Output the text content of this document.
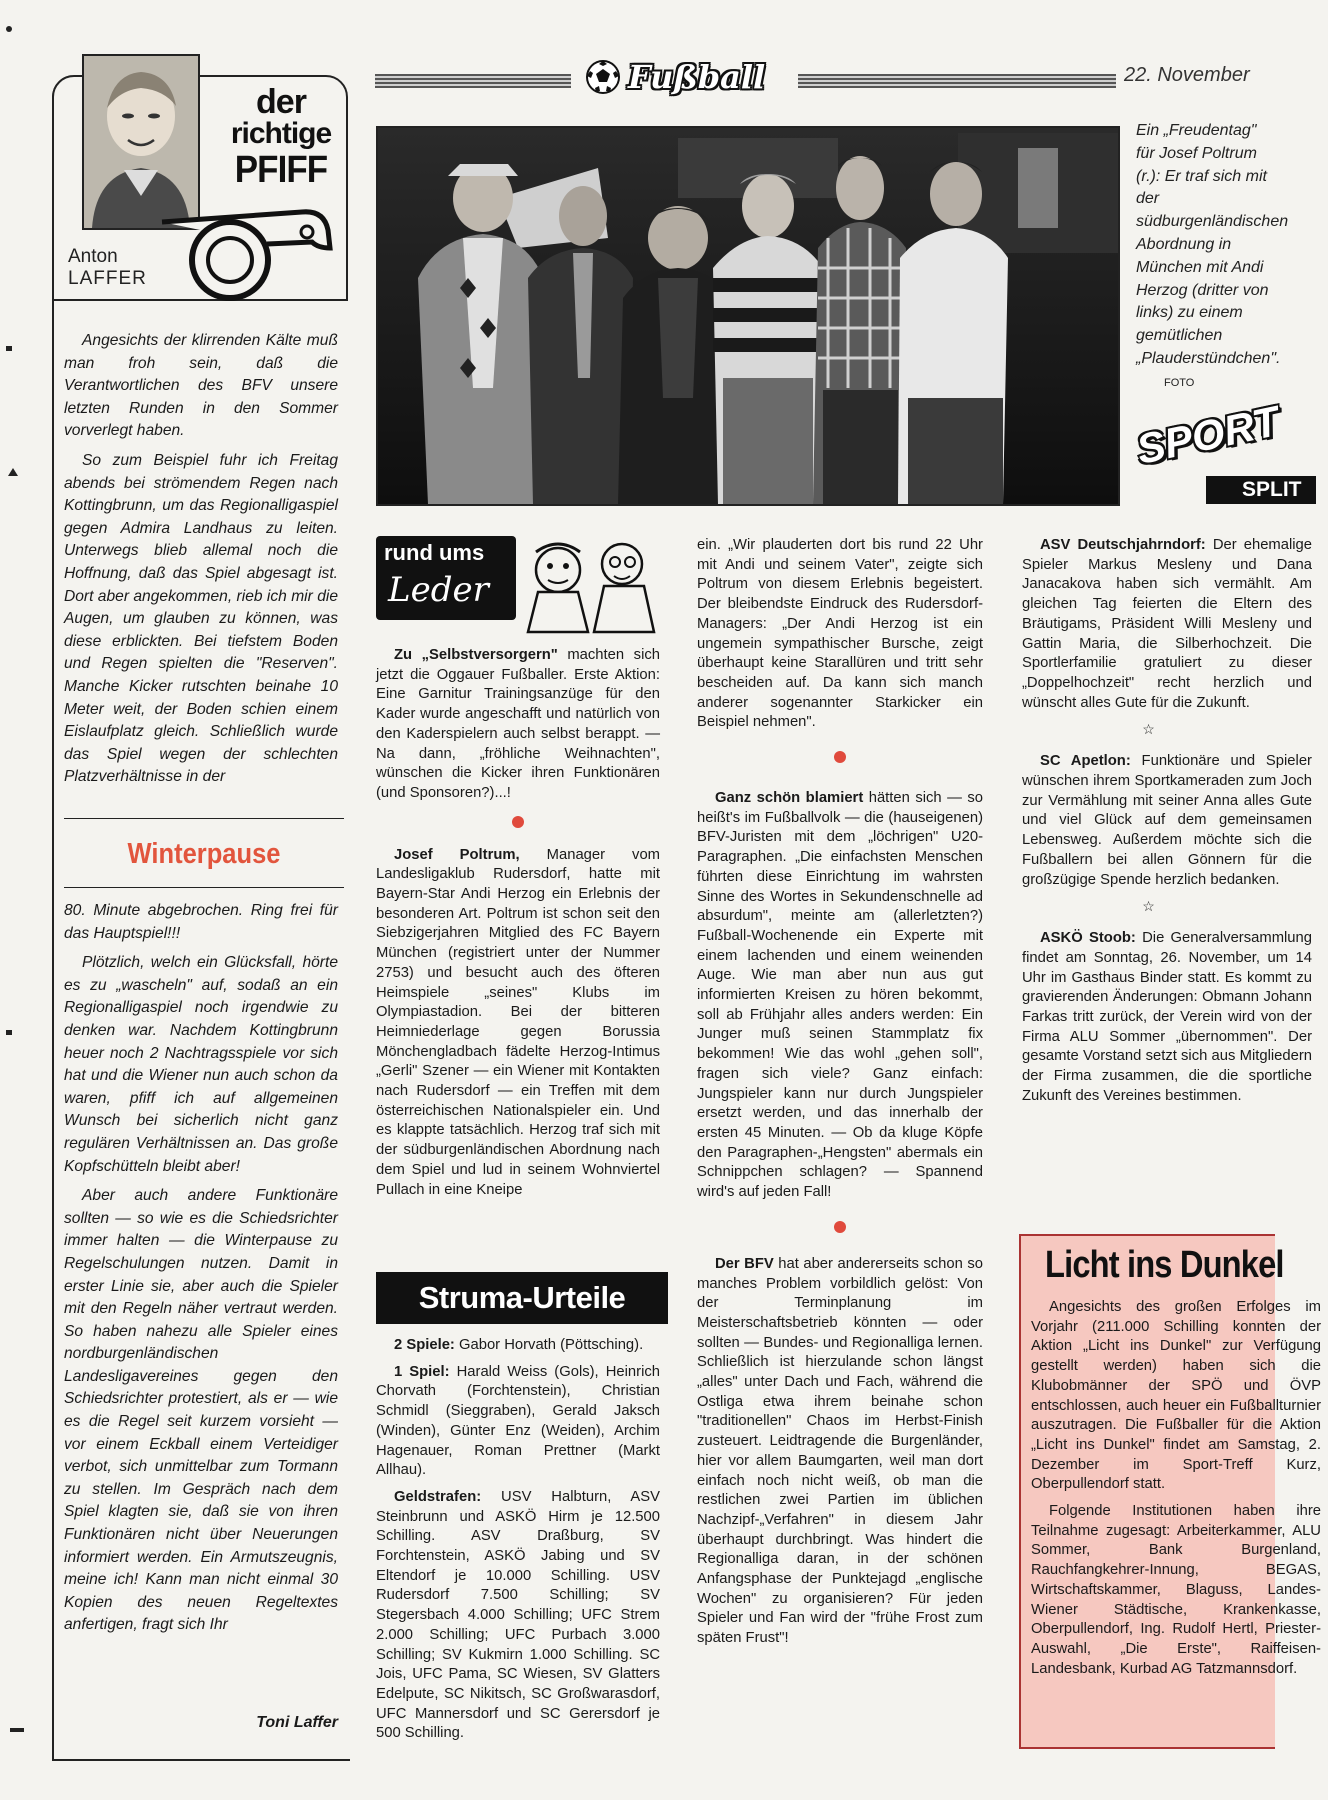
Fußball	22. November
der
richtige
PFIFF
Anton
LAFFER

Angesichts der klirrenden Kälte muß man froh sein, daß die Verantwortlichen des BFV unsere letzten Runden in den Sommer vorverlegt haben.

So zum Beispiel fuhr ich Freitag abends bei strömendem Regen nach Kottingbrunn, um das Regionalligaspiel gegen Admira Landhaus zu leiten. Unterwegs blieb allemal noch die Hoffnung, daß das Spiel abgesagt ist. Dort aber angekommen, rieb ich mir die Augen, um glauben zu können, was diese erblickten. Bei tiefstem Boden und Regen spielten die "Reserven". Manche Kicker rutschten beinahe 10 Meter weit, der Boden schien einem Eislaufplatz gleich. Schließlich wurde das Spiel wegen der schlechten Platzverhältnisse in der

Winterpause

80. Minute abgebrochen. Ring frei für das Hauptspiel!!!

Plötzlich, welch ein Glücksfall, hörte es zu „wascheln" auf, sodaß an ein Regionalligaspiel noch irgendwie zu denken war. Nachdem Kottingbrunn heuer noch 2 Nachtragsspiele vor sich hat und die Wiener nun auch schon da waren, pfiff ich auf allgemeinen Wunsch bei sicherlich nicht ganz regulären Verhältnissen an. Das große Kopfschütteln bleibt aber!

Aber auch andere Funktionäre sollten — so wie es die Schiedsrichter immer halten — die Winterpause zu Regelschulungen nutzen. Damit in erster Linie sie, aber auch die Spieler mit den Regeln näher vertraut werden. So haben nahezu alle Spieler eines nordburgenländischen Landesligavereines gegen den Schiedsrichter protestiert, als er — wie es die Regel seit kurzem vorsieht — vor einem Eckball einem Verteidiger verbot, sich unmittelbar zum Tormann zu stellen. Im Gespräch nach dem Spiel klagten sie, daß sie von ihren Funktionären nicht über Neuerungen informiert werden. Ein Armutszeugnis, meine ich! Kann man nicht einmal 30 Kopien des neuen Regeltextes anfertigen, fragt sich Ihr

Toni Laffer
Ein „Freudentag" für Josef Poltrum (r.): Er traf sich mit der südburgenländischen Abordnung in München mit Andi Herzog (dritter von links) zu einem gemütlichen „Plauderstündchen". FOTO
SPORT
SPLIT
rund ums
Leder

Zu „Selbstversorgern" machten sich jetzt die Oggauer Fußballer. Erste Aktion: Eine Garnitur Trainingsanzüge für den Kader wurde angeschafft und natürlich von den Kaderspielern auch selbst berappt. — Na dann, „fröhliche Weihnachten", wünschen die Kicker ihren Funktionären (und Sponsoren?)...!

Josef Poltrum, Manager vom Landesligaklub Rudersdorf, hatte mit Bayern-Star Andi Herzog ein Erlebnis der besonderen Art. Poltrum ist schon seit den Siebzigerjahren Mitglied des FC Bayern München (registriert unter der Nummer 2753) und besucht auch des öfteren Heimspiele „seines" Klubs im Olympiastadion. Bei der bitteren Heimniederlage gegen Borussia Mönchengladbach fädelte Herzog-Intimus „Gerli" Szener — ein Wiener mit Kontakten nach Rudersdorf — ein Treffen mit dem österreichischen Nationalspieler ein. Und es klappte tatsächlich. Herzog traf sich mit der südburgenländischen Abordnung nach dem Spiel und lud in seinem Wohnviertel Pullach in eine Kneipe

Struma-Urteile

2 Spiele: Gabor Horvath (Pöttsching).

1 Spiel: Harald Weiss (Gols), Heinrich Chorvath (Forchtenstein), Christian Schmidl (Sieggraben), Gerald Jaksch (Winden), Günter Enz (Weiden), Archim Hagenauer, Roman Prettner (Markt Allhau).

Geldstrafen: USV Halbturn, ASV Steinbrunn und ASKÖ Hirm je 12.500 Schilling. ASV Draßburg, SV Forchtenstein, ASKÖ Jabing und SV Eltendorf je 10.000 Schilling. USV Rudersdorf 7.500 Schilling; SV Stegersbach 4.000 Schilling; UFC Strem 2.000 Schilling; UFC Purbach 3.000 Schilling; SV Kukmirn 1.000 Schilling. SC Jois, UFC Pama, SC Wiesen, SV Glatters Edelpute, SC Nikitsch, SC Großwarasdorf, UFC Mannersdorf und SC Gerersdorf je 500 Schilling.

ein. „Wir plauderten dort bis rund 22 Uhr mit Andi und seinem Vater", zeigte sich Poltrum von diesem Erlebnis begeistert. Der bleibendste Eindruck des Rudersdorf-Managers: „Der Andi Herzog ist ein ungemein sympathischer Bursche, zeigt überhaupt keine Starallüren und tritt sehr bescheiden auf. Da kann sich manch anderer sogenannter Starkicker ein Beispiel nehmen".

Ganz schön blamiert hätten sich — so heißt's im Fußballvolk — die (hauseigenen) BFV-Juristen mit dem „löchrigen" U20-Paragraphen. „Die einfachsten Menschen führten diese Einrichtung im wahrsten Sinne des Wortes in Sekundenschnelle ad absurdum", meinte am (allerletzten?) Fußball-Wochenende ein Experte mit einem lachenden und einem weinenden Auge. Wie man aber nun aus gut informierten Kreisen zu hören bekommt, soll ab Frühjahr alles anders werden: Ein Junger muß seinen Stammplatz fix bekommen! Wie das wohl „gehen soll", fragen sich viele? Ganz einfach: Jungspieler kann nur durch Jungspieler ersetzt werden, und das innerhalb der ersten 45 Minuten. — Ob da kluge Köpfe den Paragraphen-„Hengsten" abermals ein Schnippchen schlagen? — Spannend wird's auf jeden Fall!

Der BFV hat aber andererseits schon so manches Problem vorbildlich gelöst: Von der Terminplanung im Meisterschaftsbetrieb könnten — oder sollten — Bundes- und Regionalliga lernen. Schließlich ist hierzulande schon längst „alles" unter Dach und Fach, während die Ostliga etwa ihrem beinahe schon "traditionellen" Chaos im Herbst-Finish zusteuert. Leidtragende die Burgenländer, hier vor allem Baumgarten, weil man dort einfach noch nicht weiß, ob man die restlichen zwei Partien im üblichen Nachzipf-„Verfahren" in diesem Jahr überhaupt durchbringt. Was hindert die Regionalliga daran, in der schönen Anfangsphase der Punktejagd „englische Wochen" zu organisieren? Für jeden Spieler und Fan wird der "frühe Frost zum späten Frust"!

ASV Deutschjahrndorf: Der ehemalige Spieler Markus Mesleny und Dana Janacakova haben sich vermählt. Am gleichen Tag feierten die Eltern des Bräutigams, Präsident Willi Mesleny und Gattin Maria, die Silberhochzeit. Die Sportlerfamilie gratuliert zu dieser „Doppelhochzeit" recht herzlich und wünscht alles Gute für die Zukunft.

☆

SC Apetlon: Funktionäre und Spieler wünschen ihrem Sportkameraden zum Joch zur Vermählung mit seiner Anna alles Gute und viel Glück auf dem gemeinsamen Lebensweg. Außerdem möchte sich die Fußballern bei allen Gönnern für die großzügige Spende herzlich bedanken.

☆

ASKÖ Stoob: Die Generalversammlung findet am Sonntag, 26. November, um 14 Uhr im Gasthaus Binder statt. Es kommt zu gravierenden Änderungen: Obmann Johann Farkas tritt zurück, der Verein wird von der Firma ALU Sommer „übernommen". Der gesamte Vorstand setzt sich aus Mitgliedern der Firma zusammen, die die sportliche Zukunft des Vereines bestimmen.

Licht ins Dunkel

Angesichts des großen Erfolges im Vorjahr (211.000 Schilling konnten der Aktion „Licht ins Dunkel" zur Verfügung gestellt werden) haben sich die Klubobmänner der SPÖ und ÖVP entschlossen, auch heuer ein Fußballturnier auszutragen. Die Fußballer für die Aktion „Licht ins Dunkel" findet am Samstag, 2. Dezember im Sport-Treff Kurz, Oberpullendorf statt.

Folgende Institutionen haben ihre Teilnahme zugesagt: Arbeiterkammer, ALU Sommer, Bank Burgenland, Rauchfangkehrer-Innung, BEGAS, Wirtschaftskammer, Blaguss, Landes-Wiener Städtische, Krankenkasse, Oberpullendorf, Ing. Rudolf Hertl, Priester-Auswahl, „Die Erste", Raiffeisen-Landesbank, Kurbad AG Tatzmannsdorf.
